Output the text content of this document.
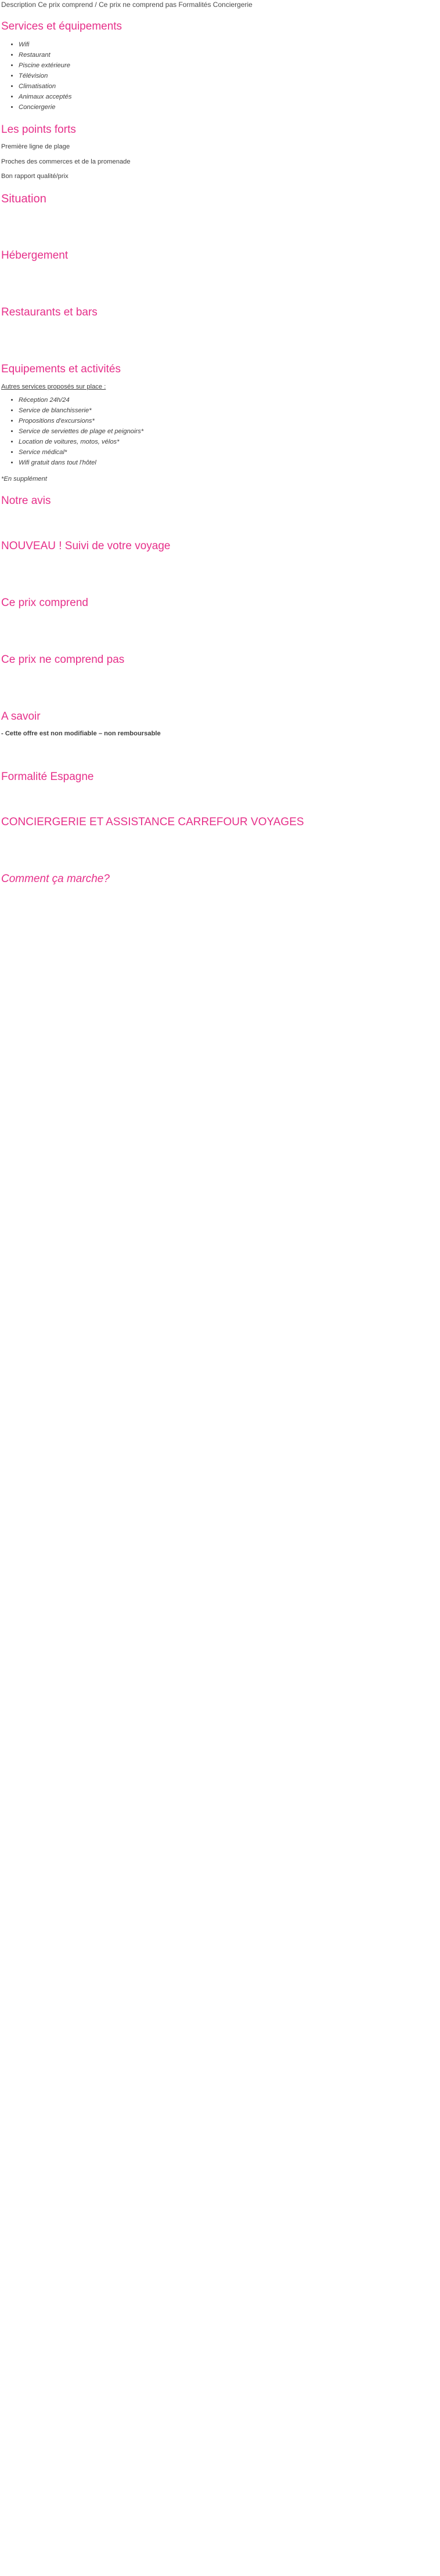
Description Ce prix comprend / Ce prix ne comprend pas Formalités Conciergerie
Services et équipements
• Wifi
• Restaurant
• Piscine extérieure
• Télévision
• Climatisation
• Animaux acceptés
• Conciergerie
Les points forts
Première ligne de plage
Proches des commerces et de la promenade
Bon rapport qualité/prix
Situation
Hébergement
Restaurants et bars
Equipements et activités
Autres services proposés sur place :
• Réception 24h/24
• Service de blanchisserie*
• Propositions d'excursions*
• Service de serviettes de plage et peignoirs*
• Location de voitures, motos, vélos*
• Service médical*
• Wifi gratuit dans tout l'hôtel
*En supplément
Notre avis
NOUVEAU ! Suivi de votre voyage
Ce prix comprend
Ce prix ne comprend pas
A savoir
- Cette offre est non modifiable – non remboursable
Formalité Espagne
CONCIERGERIE ET ASSISTANCE CARREFOUR VOYAGES
Comment ça marche?
